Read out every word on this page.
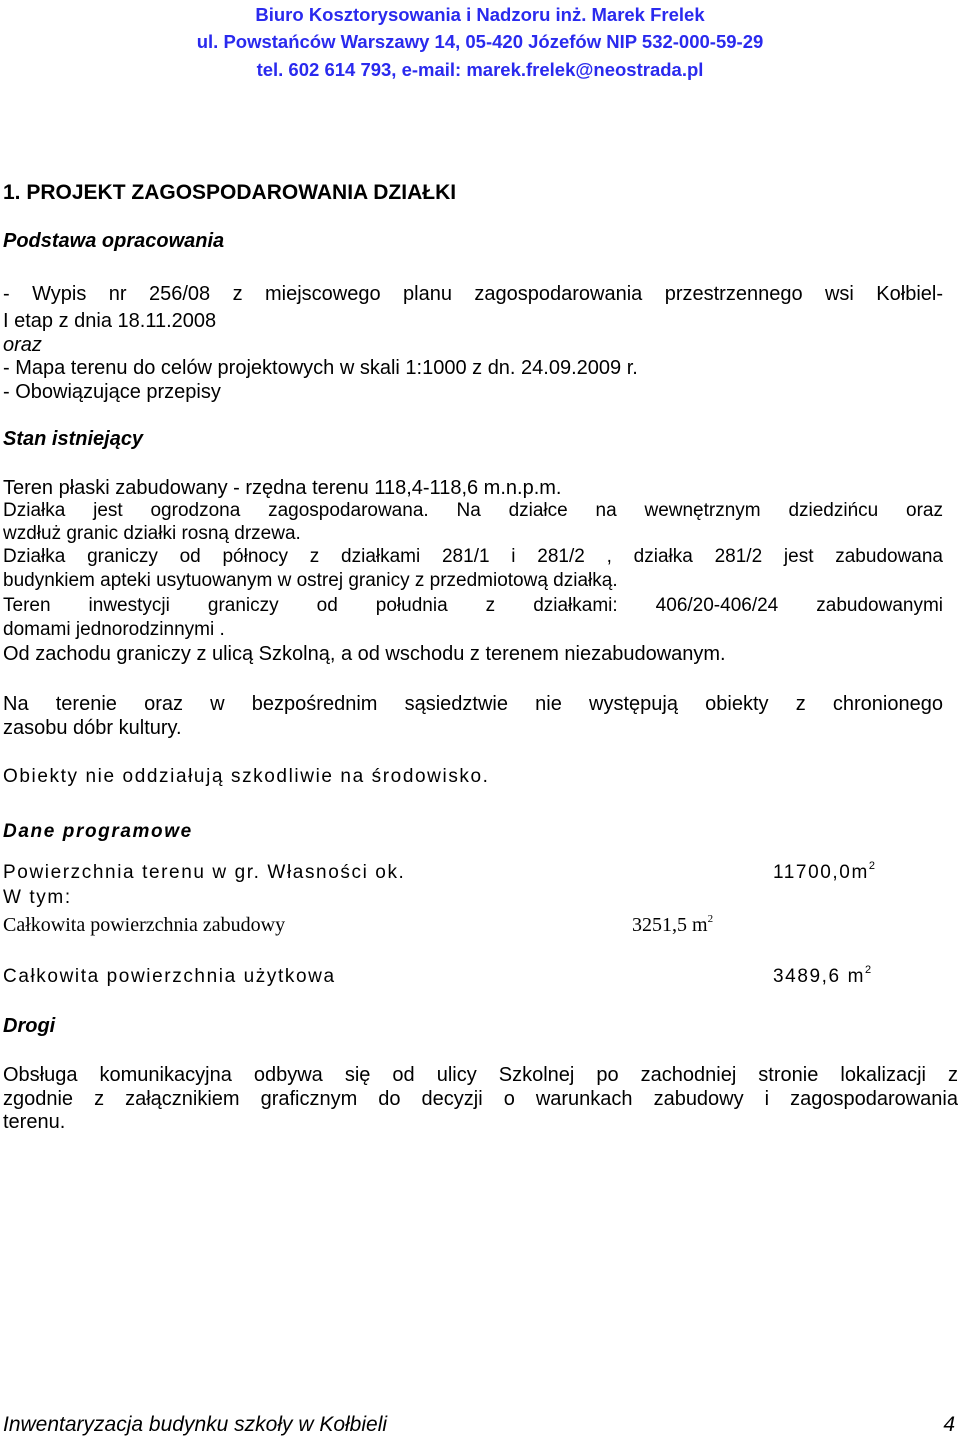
Biuro Kosztorysowania i Nadzoru inż. Marek Frelek
ul. Powstańców Warszawy 14, 05-420 Józefów NIP 532-000-59-29
tel. 602 614 793, e-mail: marek.frelek@neostrada.pl
1. PROJEKT ZAGOSPODAROWANIA DZIAŁKI
Podstawa opracowania
- Wypis nr 256/08 z miejscowego planu zagospodarowania przestrzennego wsi Kołbiel-
I etap z dnia 18.11.2008
oraz
- Mapa terenu do celów projektowych w skali 1:1000 z dn. 24.09.2009 r.
- Obowiązujące przepisy
Stan istniejący
Teren płaski zabudowany - rzędna terenu 118,4-118,6 m.n.p.m.
Działka jest ogrodzona zagospodarowana. Na działce na wewnętrznym dziedzińcu oraz
wzdłuż granic działki rosną drzewa.
Działka graniczy od północy z działkami 281/1 i 281/2 , działka 281/2 jest zabudowana
budynkiem apteki usytuowanym w ostrej granicy z przedmiotową działką.
Teren inwestycji graniczy od południa z działkami: 406/20-406/24 zabudowanymi
domami jednorodzinnymi .
Od zachodu graniczy z ulicą Szkolną, a od wschodu z terenem niezabudowanym.
Na terenie oraz w bezpośrednim sąsiedztwie nie występują obiekty z chronionego
zasobu dóbr kultury.
Obiekty nie oddziałują szkodliwie na środowisko.
Dane programowe
Powierzchnia terenu w gr. Własności ok.	$11700,0m^2$
W tym:
Całkowita powierzchnia zabudowy	3251,5 $m^2$
Całkowita powierzchnia użytkowa	3489,6 $m^2$
Drogi
Obsługa komunikacyjna odbywa się od ulicy Szkolnej po zachodniej stronie lokalizacji z
zgodnie z załącznikiem graficznym do decyzji o warunkach zabudowy i zagospodarowania
terenu.
Inwentaryzacja budynku szkoły w Kołbieli	4
